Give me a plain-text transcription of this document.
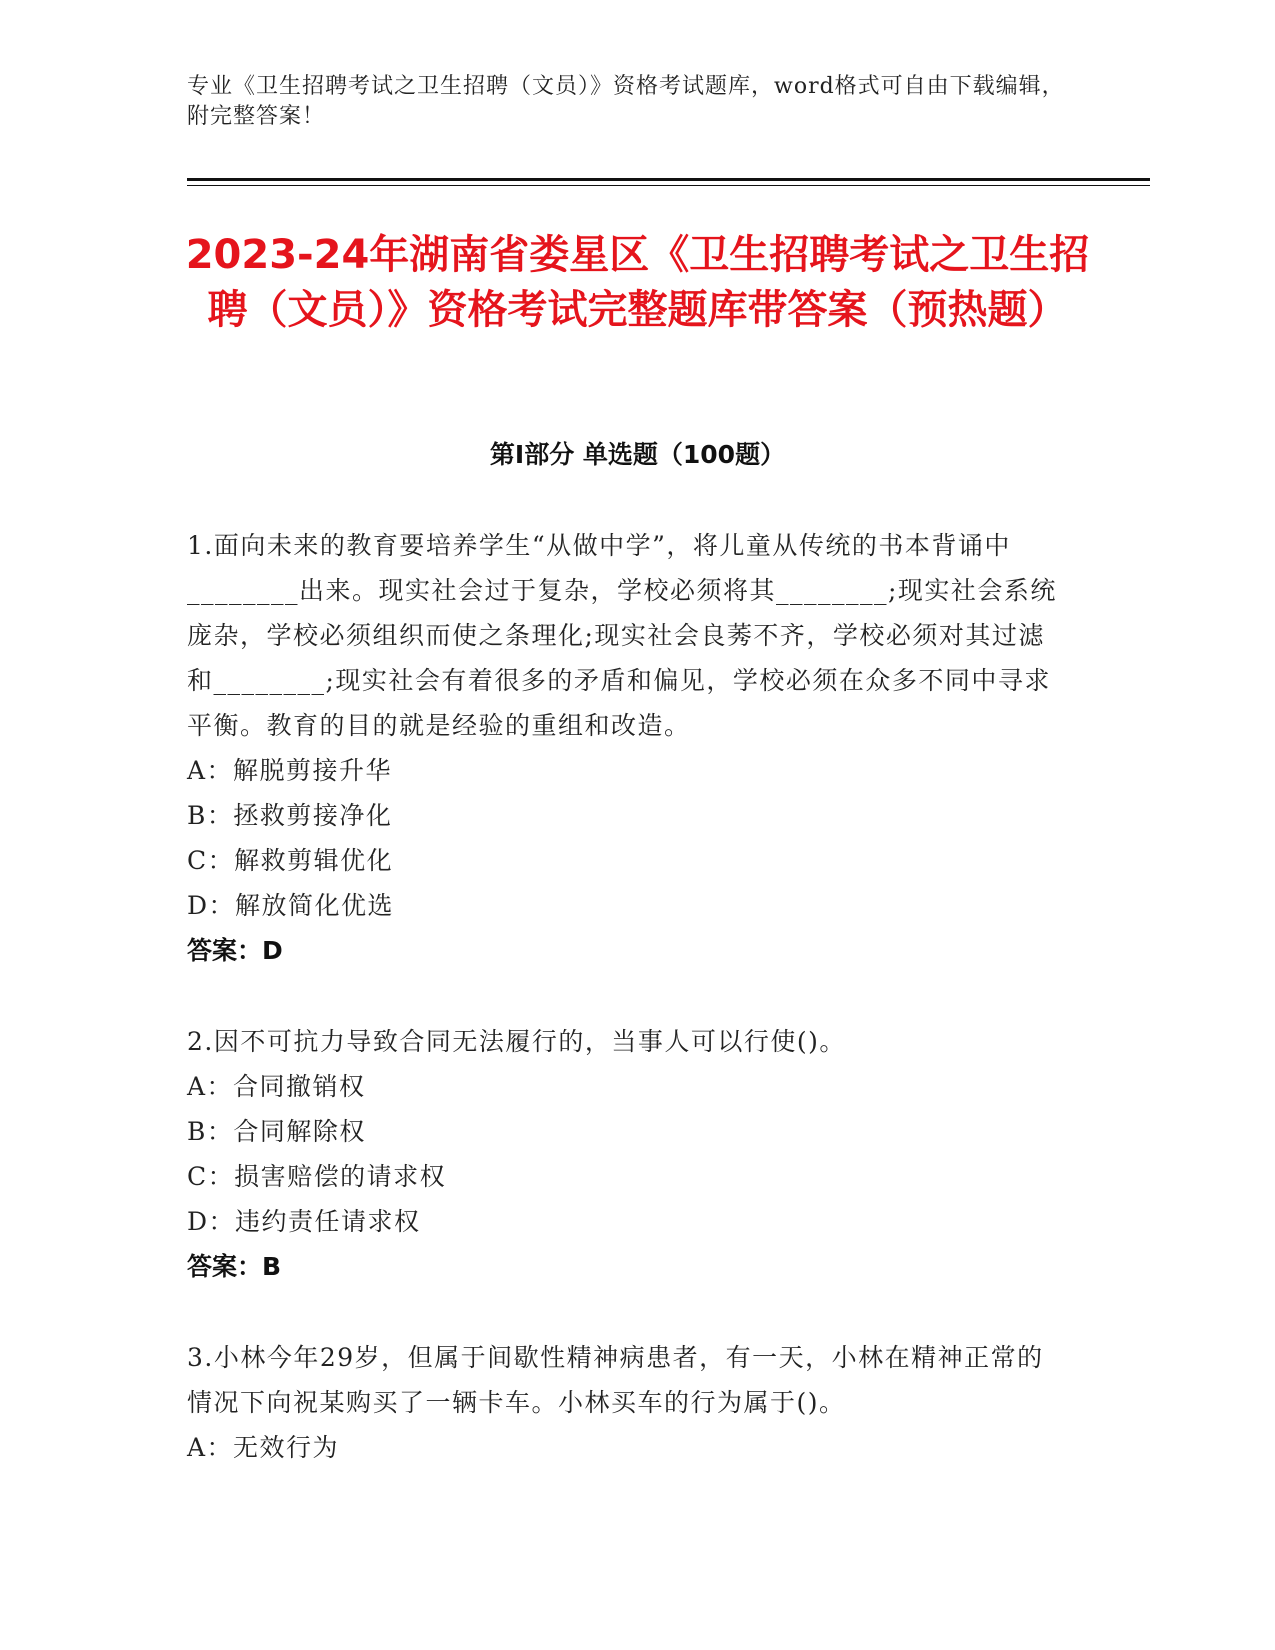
专业《卫生招聘考试之卫生招聘（文员）》资格考试题库，word格式可自由下载编辑，附完整答案！
2023-24年湖南省娄星区《卫生招聘考试之卫生招聘（文员）》资格考试完整题库带答案（预热题）
第Ⅰ部分 单选题（100题）

1.面向未来的教育要培养学生“从做中学”，将儿童从传统的书本背诵中________出来。现实社会过于复杂，学校必须将其________;现实社会系统庞杂，学校必须组织而使之条理化;现实社会良莠不齐，学校必须对其过滤和________;现实社会有着很多的矛盾和偏见，学校必须在众多不同中寻求平衡。教育的目的就是经验的重组和改造。

A：解脱剪接升华

B：拯救剪接净化

C：解救剪辑优化

D：解放简化优选

答案：D

2.因不可抗力导致合同无法履行的，当事人可以行使()。

A：合同撤销权

B：合同解除权

C：损害赔偿的请求权

D：违约责任请求权

答案：B

3.小林今年29岁，但属于间歇性精神病患者，有一天，小林在精神正常的情况下向祝某购买了一辆卡车。小林买车的行为属于()。

A：无效行为
